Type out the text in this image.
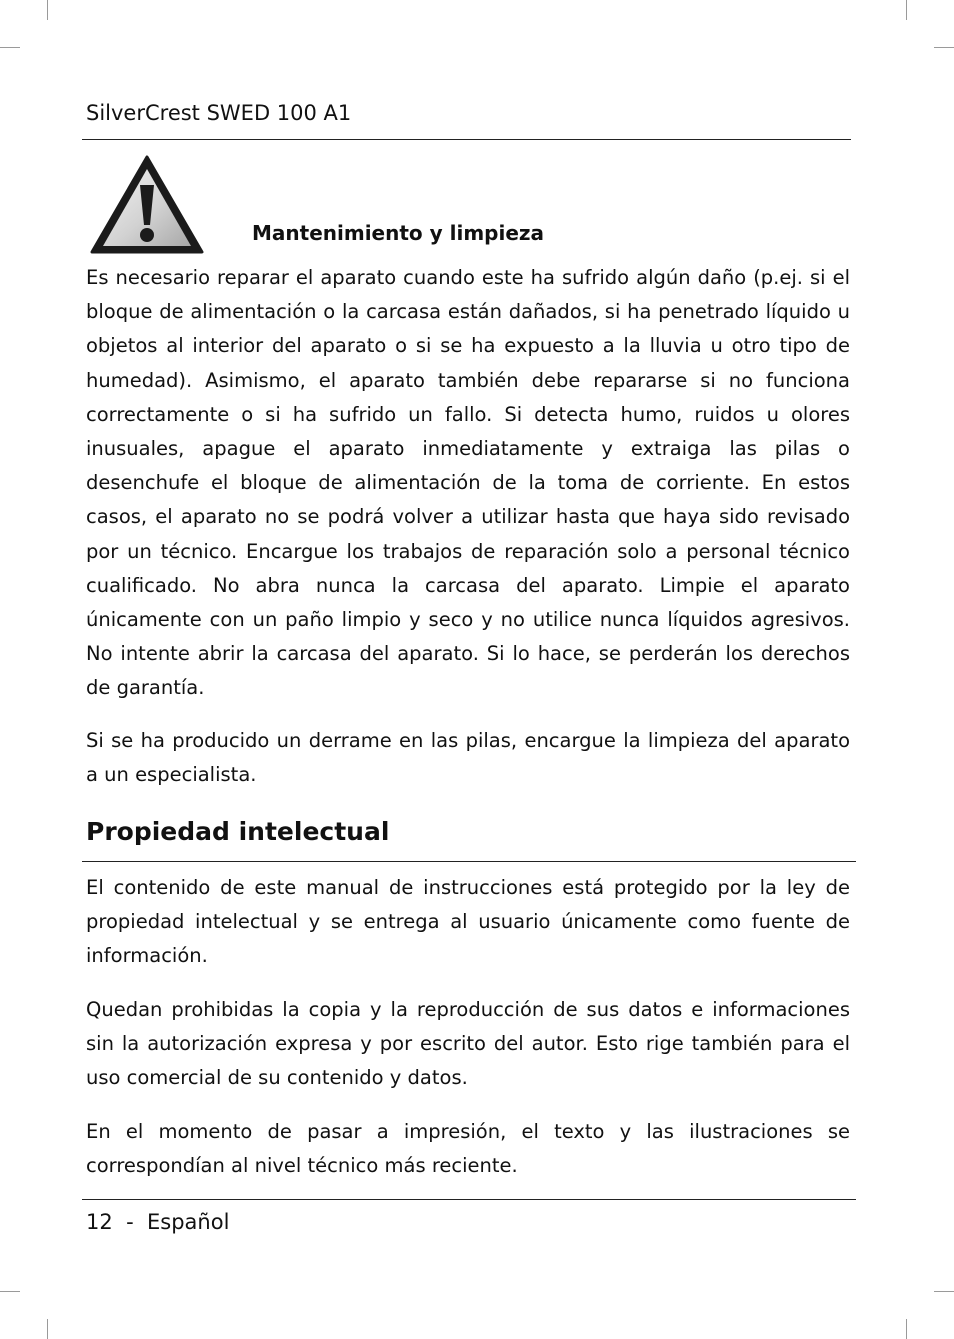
SilverCrest SWED 100 A1
Mantenimiento y limpieza

Es necesario reparar el aparato cuando este ha sufrido algún daño (p.ej. si el bloque de alimentación o la carcasa están dañados, si ha penetrado líquido u objetos al interior del aparato o si se ha expuesto a la lluvia u otro tipo de humedad). Asimismo, el aparato también debe repararse si no funciona correctamente o si ha sufrido un fallo. Si detecta humo, ruidos u olores inusuales, apague el aparato inmediatamente y extraiga las pilas o desenchufe el bloque de alimentación de la toma de corriente. En estos casos, el aparato no se podrá volver a utilizar hasta que haya sido revisado por un técnico. Encargue los trabajos de reparación solo a personal técnico cualificado. No abra nunca la carcasa del aparato. Limpie el aparato únicamente con un paño limpio y seco y no utilice nunca líquidos agresivos. No intente abrir la carcasa del aparato. Si lo hace, se perderán los derechos de garantía.

Si se ha producido un derrame en las pilas, encargue la limpieza del aparato a un especialista.

Propiedad intelectual

El contenido de este manual de instrucciones está protegido por la ley de propiedad intelectual y se entrega al usuario únicamente como fuente de información.

Quedan prohibidas la copia y la reproducción de sus datos e informaciones sin la autorización expresa y por escrito del autor. Esto rige también para el uso comercial de su contenido y datos.

En el momento de pasar a impresión, el texto y las ilustraciones se correspondían al nivel técnico más reciente.

12  -  Español
